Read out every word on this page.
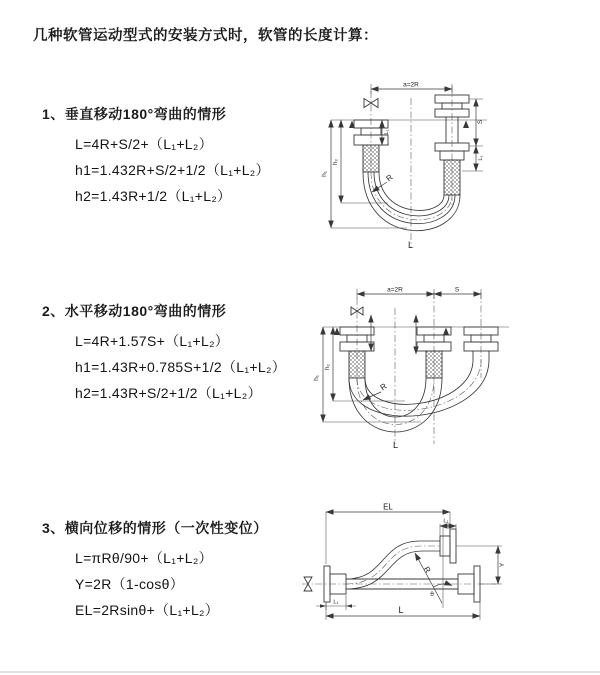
几种软管运动型式的安装方式时，软管的长度计算：
1、垂直移动180°弯曲的情形
L=4R+S/2+（L₁+L₂）
h1=1.432R+S/2+1/2（L₁+L₂）
h2=1.43R+1/2（L₁+L₂）
2、水平移动180°弯曲的情形
L=4R+1.57S+（L₁+L₂）
h1=1.43R+0.785S+1/2（L₁+L₂）
h2=1.43R+S/2+1/2（L₁+L₂）
3、横向位移的情形（一次性变位）
L=πRθ/90+（L₁+L₂）
Y=2R（1-cosθ）
EL=2Rsinθ+（L₁+L₂）
a=2R
S
L₁
h₁
h₂
L₁
R
L
a=2R	S
h₁
h₂
R
L
EL
L₁
Y
R
θ
L
L₁
